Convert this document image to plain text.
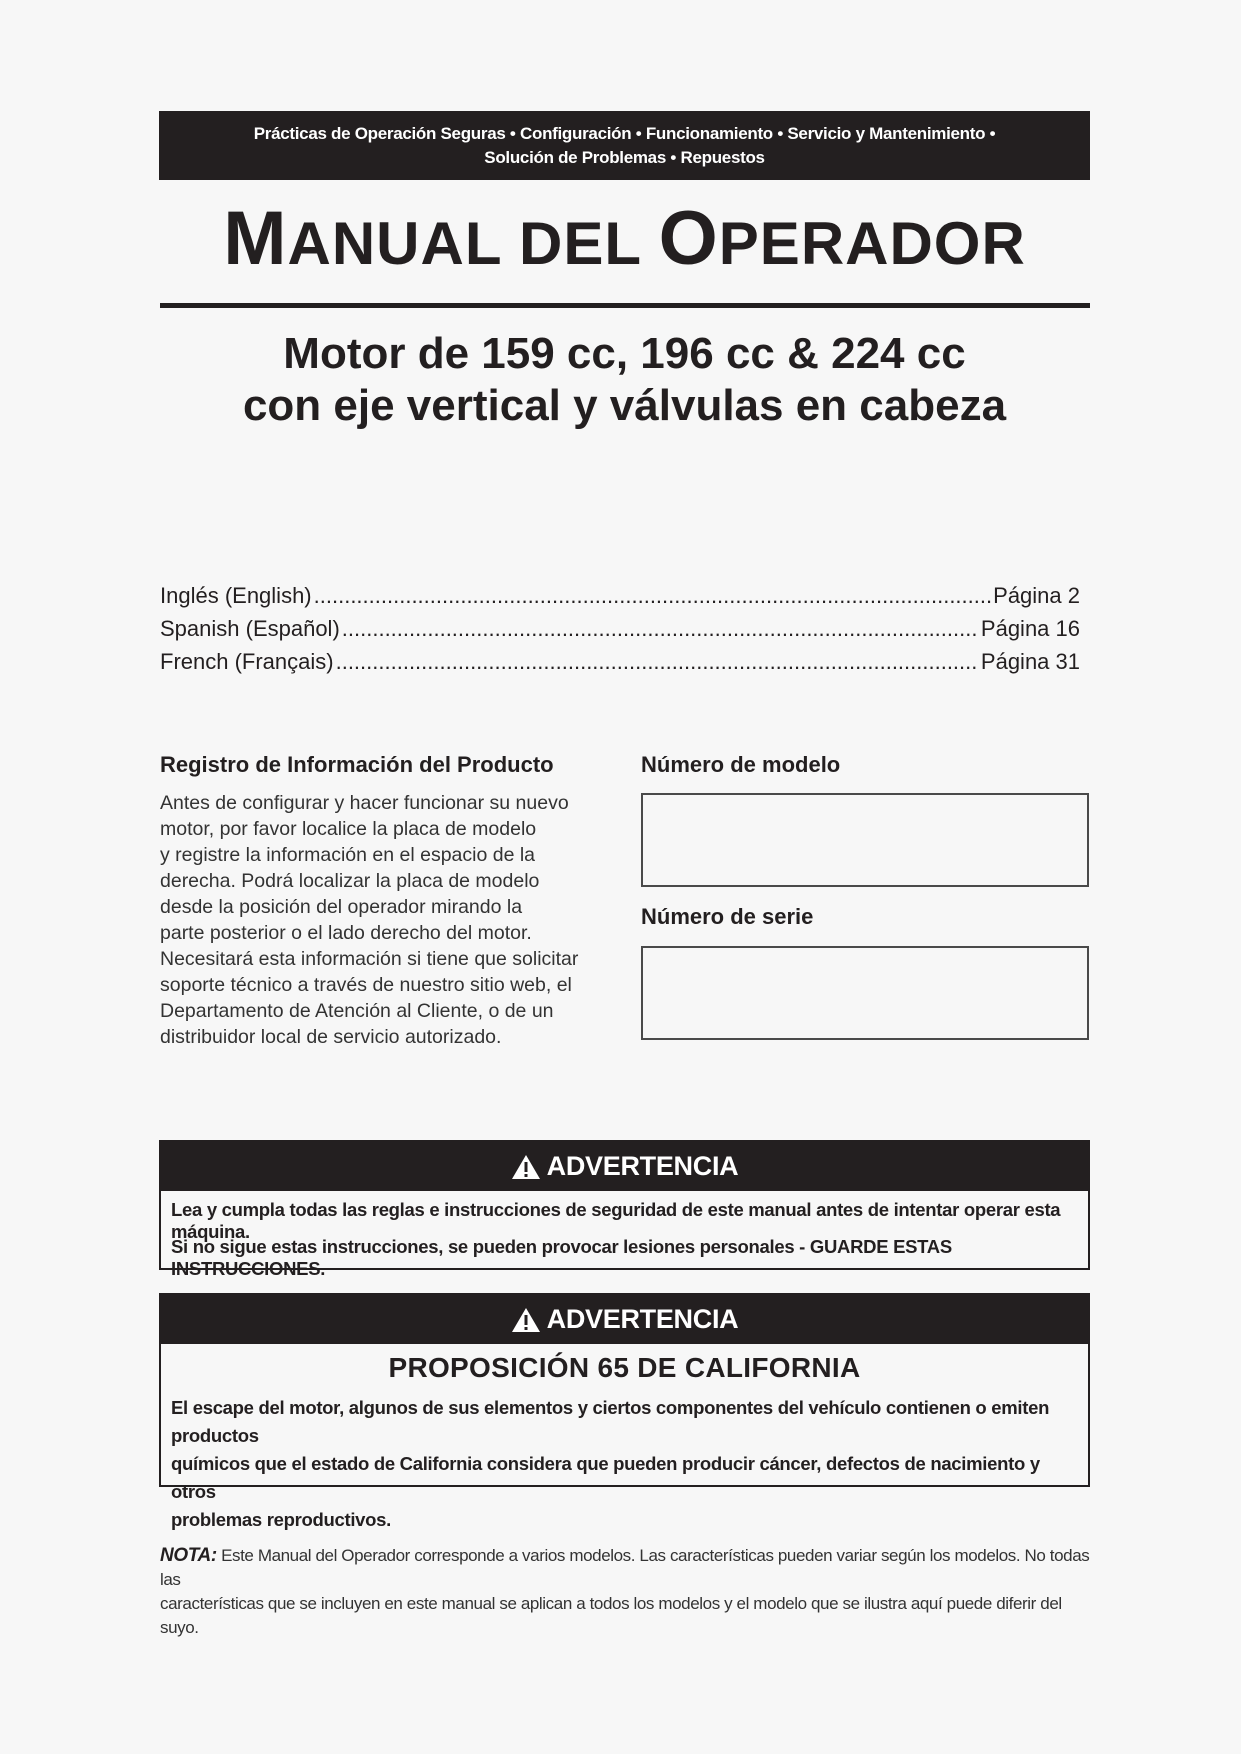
Prácticas de Operación Seguras • Configuración • Funcionamiento • Servicio y Mantenimiento •
Solución de Problemas • Repuestos
MANUAL DEL OPERADOR
Motor de 159 cc, 196 cc & 224 cc
con eje vertical y válvulas en cabeza
Inglés (English) .....	Página 2
Spanish (Español) .....	Página 16
French (Français) .....	Página 31
Registro de Información del Producto
Antes de configurar y hacer funcionar su nuevo
motor, por favor localice la placa de modelo
y registre la información en el espacio de la
derecha. Podrá localizar la placa de modelo
desde la posición del operador mirando la
parte posterior o el lado derecho del motor.
Necesitará esta información si tiene que solicitar
soporte técnico a través de nuestro sitio web, el
Departamento de Atención al Cliente, o de un
distribuidor local de servicio autorizado.
Número de modelo
Número de serie
ADVERTENCIA
Lea y cumpla todas las reglas e instrucciones de seguridad de este manual antes de intentar operar esta máquina.
Si no sigue estas instrucciones, se pueden provocar lesiones personales - GUARDE ESTAS INSTRUCCIONES.
ADVERTENCIA
PROPOSICIÓN 65 DE CALIFORNIA
El escape del motor, algunos de sus elementos y ciertos componentes del vehículo contienen o emiten productos
químicos que el estado de California considera que pueden producir cáncer, defectos de nacimiento y otros
problemas reproductivos.
NOTA: Este Manual del Operador corresponde a varios modelos. Las características pueden variar según los modelos. No todas las
características que se incluyen en este manual se aplican a todos los modelos y el modelo que se ilustra aquí puede diferir del suyo.
